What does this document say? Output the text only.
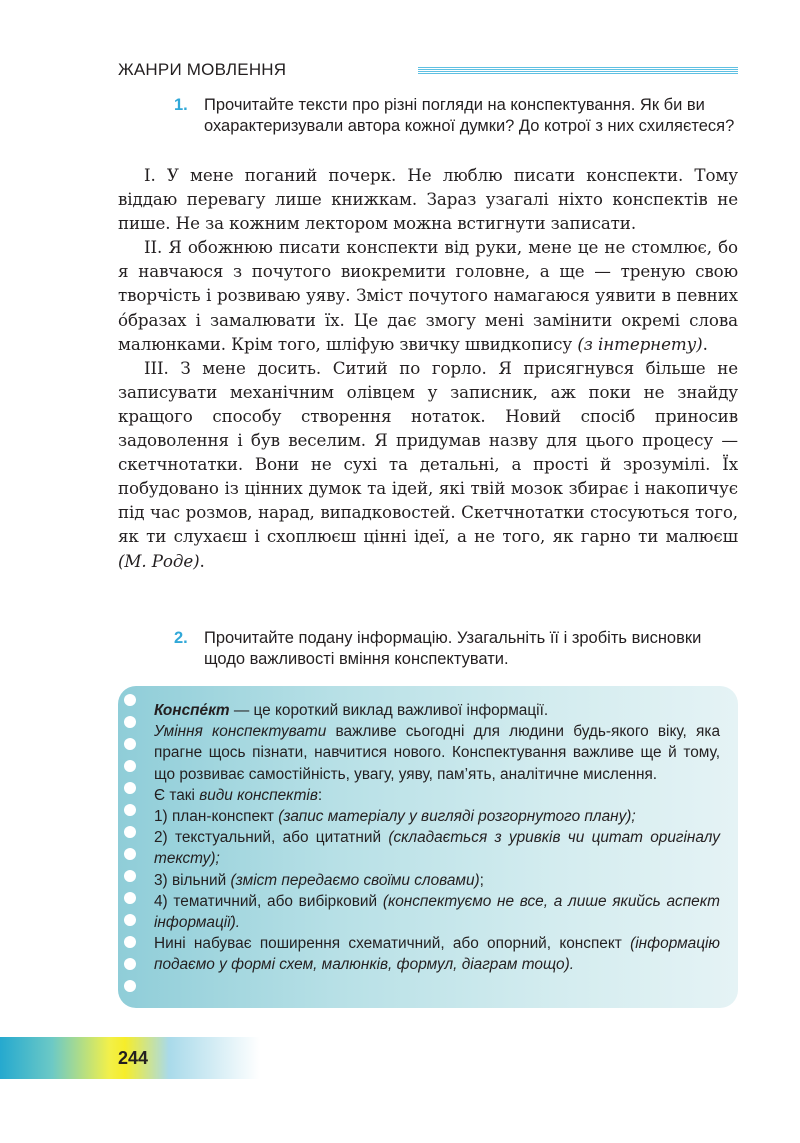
ЖАНРИ МОВЛЕННЯ
1. Прочитайте тексти про різні погляди на конспектування. Як би ви охарактеризували автора кожної думки? До котрої з них схиляєтеся?

І. У мене поганий почерк. Не люблю писати конспекти. Тому віддаю перевагу лише книжкам. Зараз узагалі ніхто конспектів не пише. Не за кожним лектором можна встигнути записати.

ІІ. Я обожнюю писати конспекти від руки, мене це не стомлює, бо я навчаюся з почутого виокремити головне, а ще — треную свою творчість і розвиваю уяву. Зміст почутого намагаюся уявити в певних о́бразах і замалювати їх. Це дає змогу мені замінити окремі слова малюнками. Крім того, шліфую звичку швидкопису (з інтернету).

ІІІ. З мене досить. Ситий по горло. Я присягнувся більше не записувати механічним олівцем у записник, аж поки не знайду кращого способу створення нотаток. Новий спосіб приносив задоволення і був веселим. Я придумав назву для цього процесу — скетчнотатки. Вони не сухі та детальні, а прості й зрозумілі. Їх побудовано із цінних думок та ідей, які твій мозок збирає і накопичує під час розмов, нарад, випадковостей. Скетчнотатки стосуються того, як ти слухаєш і схоплюєш цінні ідеї, а не того, як гарно ти малюєш (М. Роде).

2. Прочитайте подану інформацію. Узагальніть її і зробіть висновки щодо важливості вміння конспектувати.
Конспе́кт — це короткий виклад важливої інформації.
Уміння конспектувати важливе сьогодні для людини будь-якого віку, яка прагне щось пізнати, навчитися нового. Конспектування важливе ще й тому, що розвиває самостійність, увагу, уяву, пам’ять, аналітичне мислення.
Є такі види конспектів:
1) план-конспект (запис матеріалу у вигляді розгорнутого плану);
2) текстуальний, або цитатний (складається з уривків чи цитат оригіналу тексту);
3) вільний (зміст передаємо своїми словами);
4) тематичний, або вибірковий (конспектуємо не все, а лише якийсь аспект інформації).
Нині набуває поширення схематичний, або опорний, конспект (інформацію подаємо у формі схем, малюнків, формул, діаграм тощо).
244
